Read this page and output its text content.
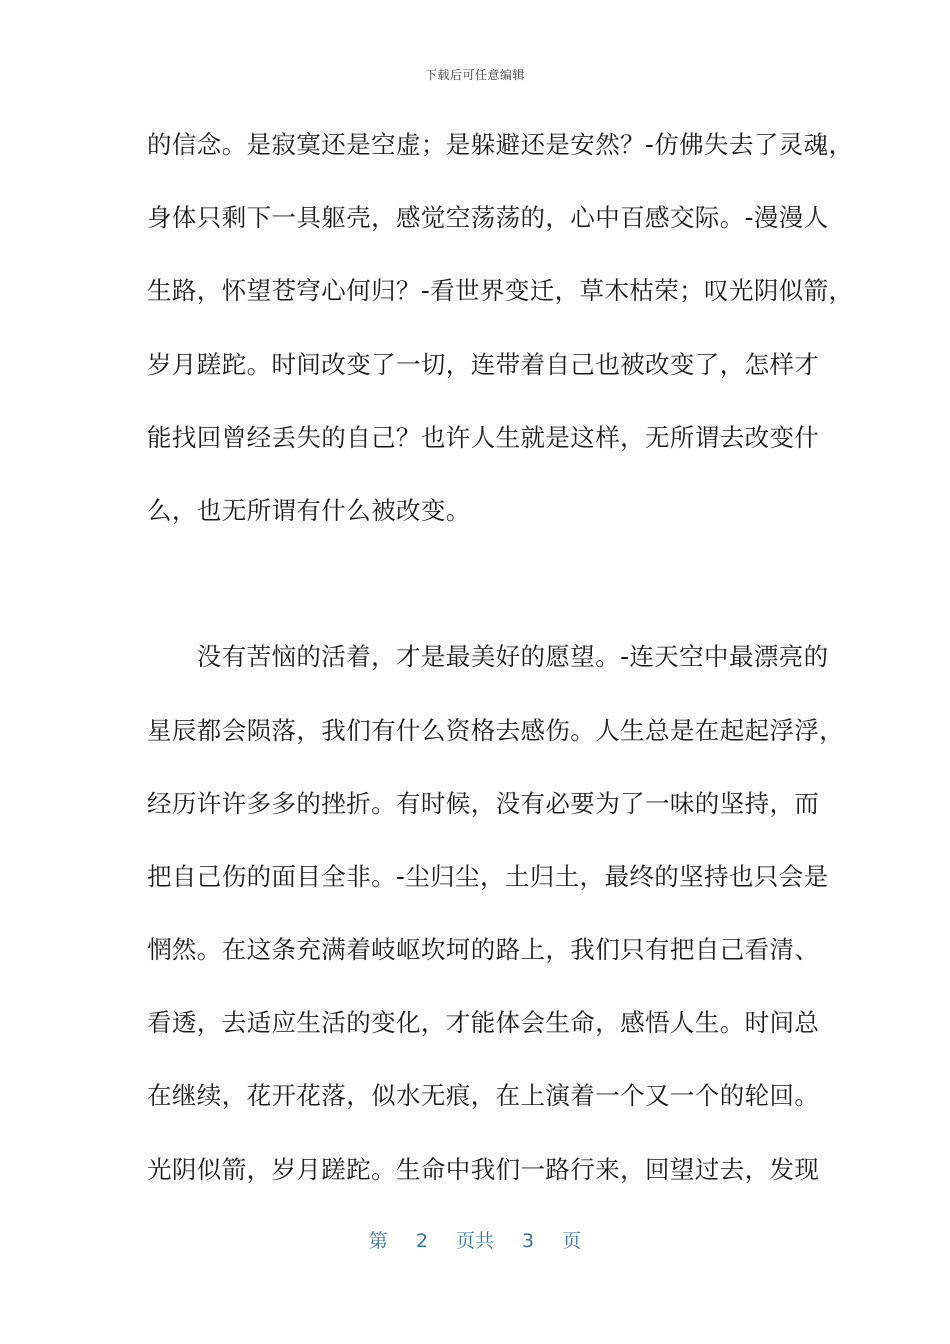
下载后可任意编辑
的信念。是寂寞还是空虚；是躲避还是安然？-仿佛失去了灵魂，
身体只剩下一具躯壳，感觉空荡荡的，心中百感交际。-漫漫人
生路，怀望苍穹心何归？-看世界变迁，草木枯荣；叹光阴似箭，
岁月蹉跎。时间改变了一切，连带着自己也被改变了，怎样才
能找回曾经丢失的自己？也许人生就是这样，无所谓去改变什
么，也无所谓有什么被改变。
　　没有苦恼的活着，才是最美好的愿望。-连天空中最漂亮的
星辰都会陨落，我们有什么资格去感伤。人生总是在起起浮浮，
经历许许多多的挫折。有时候，没有必要为了一味的坚持，而
把自己伤的面目全非。-尘归尘，土归土，最终的坚持也只会是
惘然。在这条充满着岐岖坎坷的路上，我们只有把自己看清、
看透，去适应生活的变化，才能体会生命，感悟人生。时间总
在继续，花开花落，似水无痕，在上演着一个又一个的轮回。
光阴似箭，岁月蹉跎。生命中我们一路行来，回望过去，发现
第 2 页共 3 页
